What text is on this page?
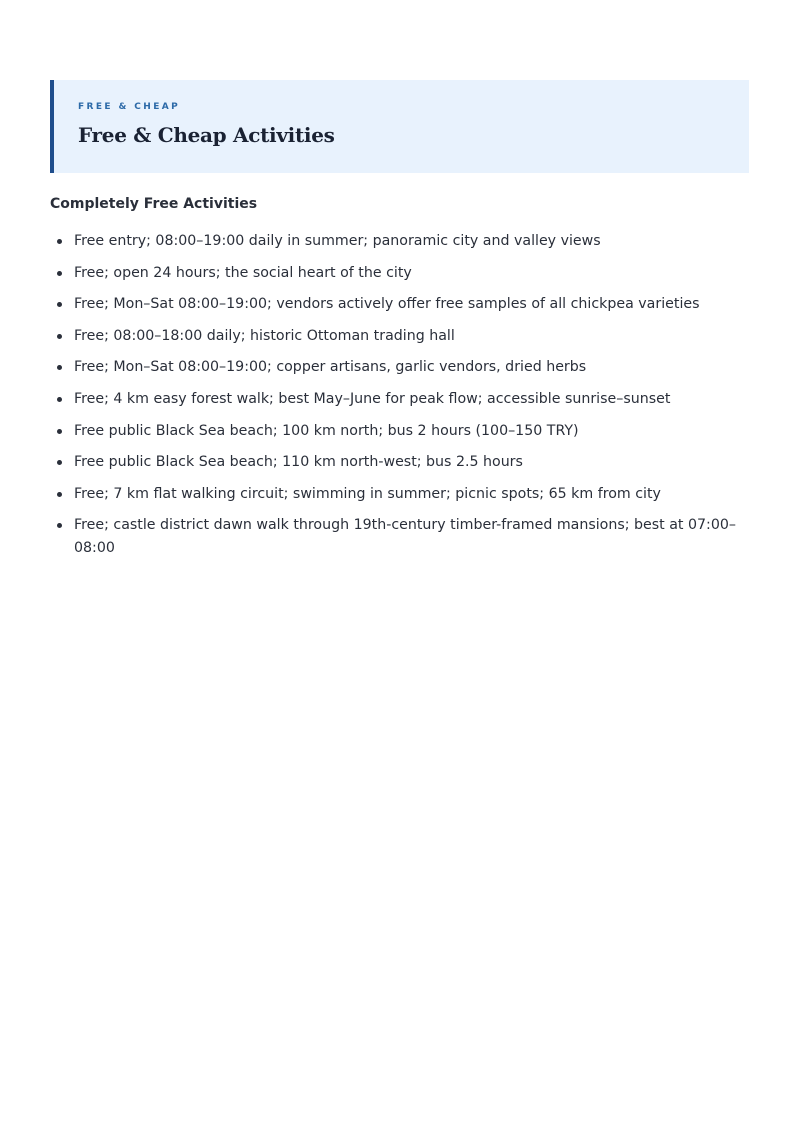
FREE & CHEAP
Free & Cheap Activities
Completely Free Activities
Free entry; 08:00–19:00 daily in summer; panoramic city and valley views
Free; open 24 hours; the social heart of the city
Free; Mon–Sat 08:00–19:00; vendors actively offer free samples of all chickpea varieties
Free; 08:00–18:00 daily; historic Ottoman trading hall
Free; Mon–Sat 08:00–19:00; copper artisans, garlic vendors, dried herbs
Free; 4 km easy forest walk; best May–June for peak flow; accessible sunrise–sunset
Free public Black Sea beach; 100 km north; bus 2 hours (100–150 TRY)
Free public Black Sea beach; 110 km north-west; bus 2.5 hours
Free; 7 km flat walking circuit; swimming in summer; picnic spots; 65 km from city
Free; castle district dawn walk through 19th-century timber-framed mansions; best at 07:00–08:00
